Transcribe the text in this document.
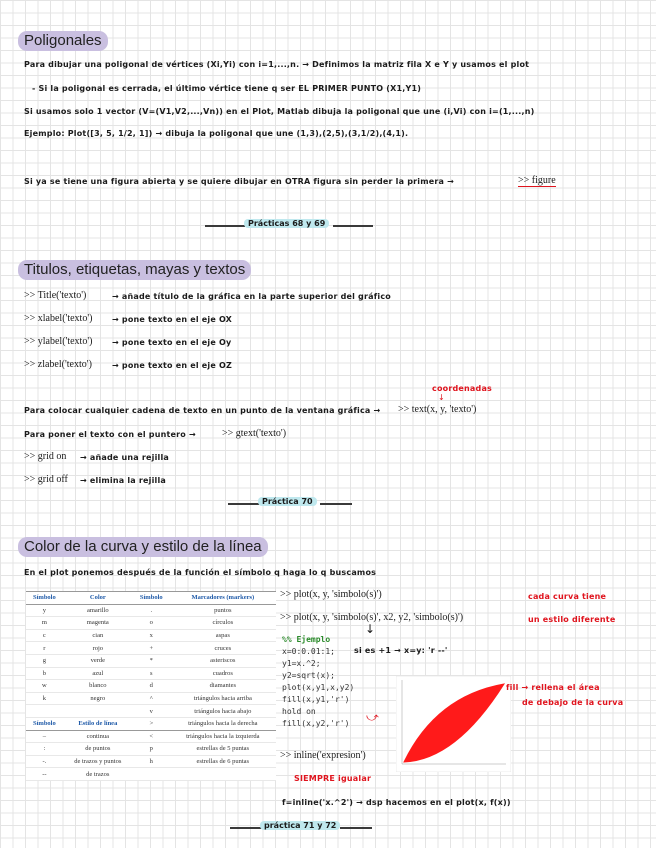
Poligonales
Para dibujar una poligonal de vértices (Xi,Yi) con i=1,...,n. → Definimos la matriz fila X e Y y usamos el plot
- Si la poligonal es cerrada, el último vértice tiene q ser EL PRIMER PUNTO (X1,Y1)
Si usamos solo 1 vector (V=(V1,V2,...,Vn)) en el Plot, Matlab dibuja la poligonal que une (i,Vi) con i=(1,...,n)
Ejemplo: Plot([3, 5, 1/2, 1]) → dibuja la poligonal que une (1,3),(2,5),(3,1/2),(4,1).
Si ya se tiene una figura abierta y se quiere dibujar en OTRA figura sin perder la primera →	>> figure
Prácticas 68 y 69
Titulos, etiquetas, mayas y textos
>> Title('texto')	→ añade título de la gráfica en la parte superior del gráfico
>> xlabel('texto') → pone texto en el eje OX
>> ylabel('texto') → pone texto en el eje Oy
>> zlabel('texto')	→ pone texto en el eje OZ
coordenadas
↓
Para colocar cualquier cadena de texto en un punto de la ventana gráfica → >> text(x, y, 'texto')
Para poner el texto con el puntero →	>> gtext('texto')
>> grid on → añade una rejilla
>> grid off → elimina la rejilla
Práctica 70
Color de la curva y estilo de la línea
En el plot ponemos después de la función el símbolo q haga lo q buscamos
Símbolo	Color	Símbolo	Marcadores (markers)
y	amarillo	.	puntos
m	magenta	o	círculos
c	cian	x	aspas
r	rojo	+	cruces
g	verde	*	asteriscos
b	azul	s	cuadros
w	blanco	d	diamantes
k	negro	^	triángulos hacia arriba
		v	triángulos hacia abajo
Símbolo	Estilo de línea	>	triángulos hacia la derecha
–	continua	<	triángulos hacia la izquierda
:	de puntos	p	estrellas de 5 puntas
-.	de trazos y puntos	h	estrellas de 6 puntas
--	de trazos		
>> plot(x, y, 'simbolo(s)')
>> plot(x, y, 'simbolo(s)', x2, y2, 'simbolo(s)')
cada curva tiene
un estilo diferente
↓
si es +1 → x=y: 'r --'
%% Ejemplo
x=0:0.01:1;
y1=x.^2;
y2=sqrt(x);
plot(x,y1,x,y2)
fill(x,y1,'r')
hold on
fill(x,y2,'r')
fill → rellena el área
de debajo de la curva
⤻
>> inline('expresion')
SIEMPRE igualar
f=inline('x.^2') → dsp hacemos en el plot(x, f(x))
práctica 71 y 72
